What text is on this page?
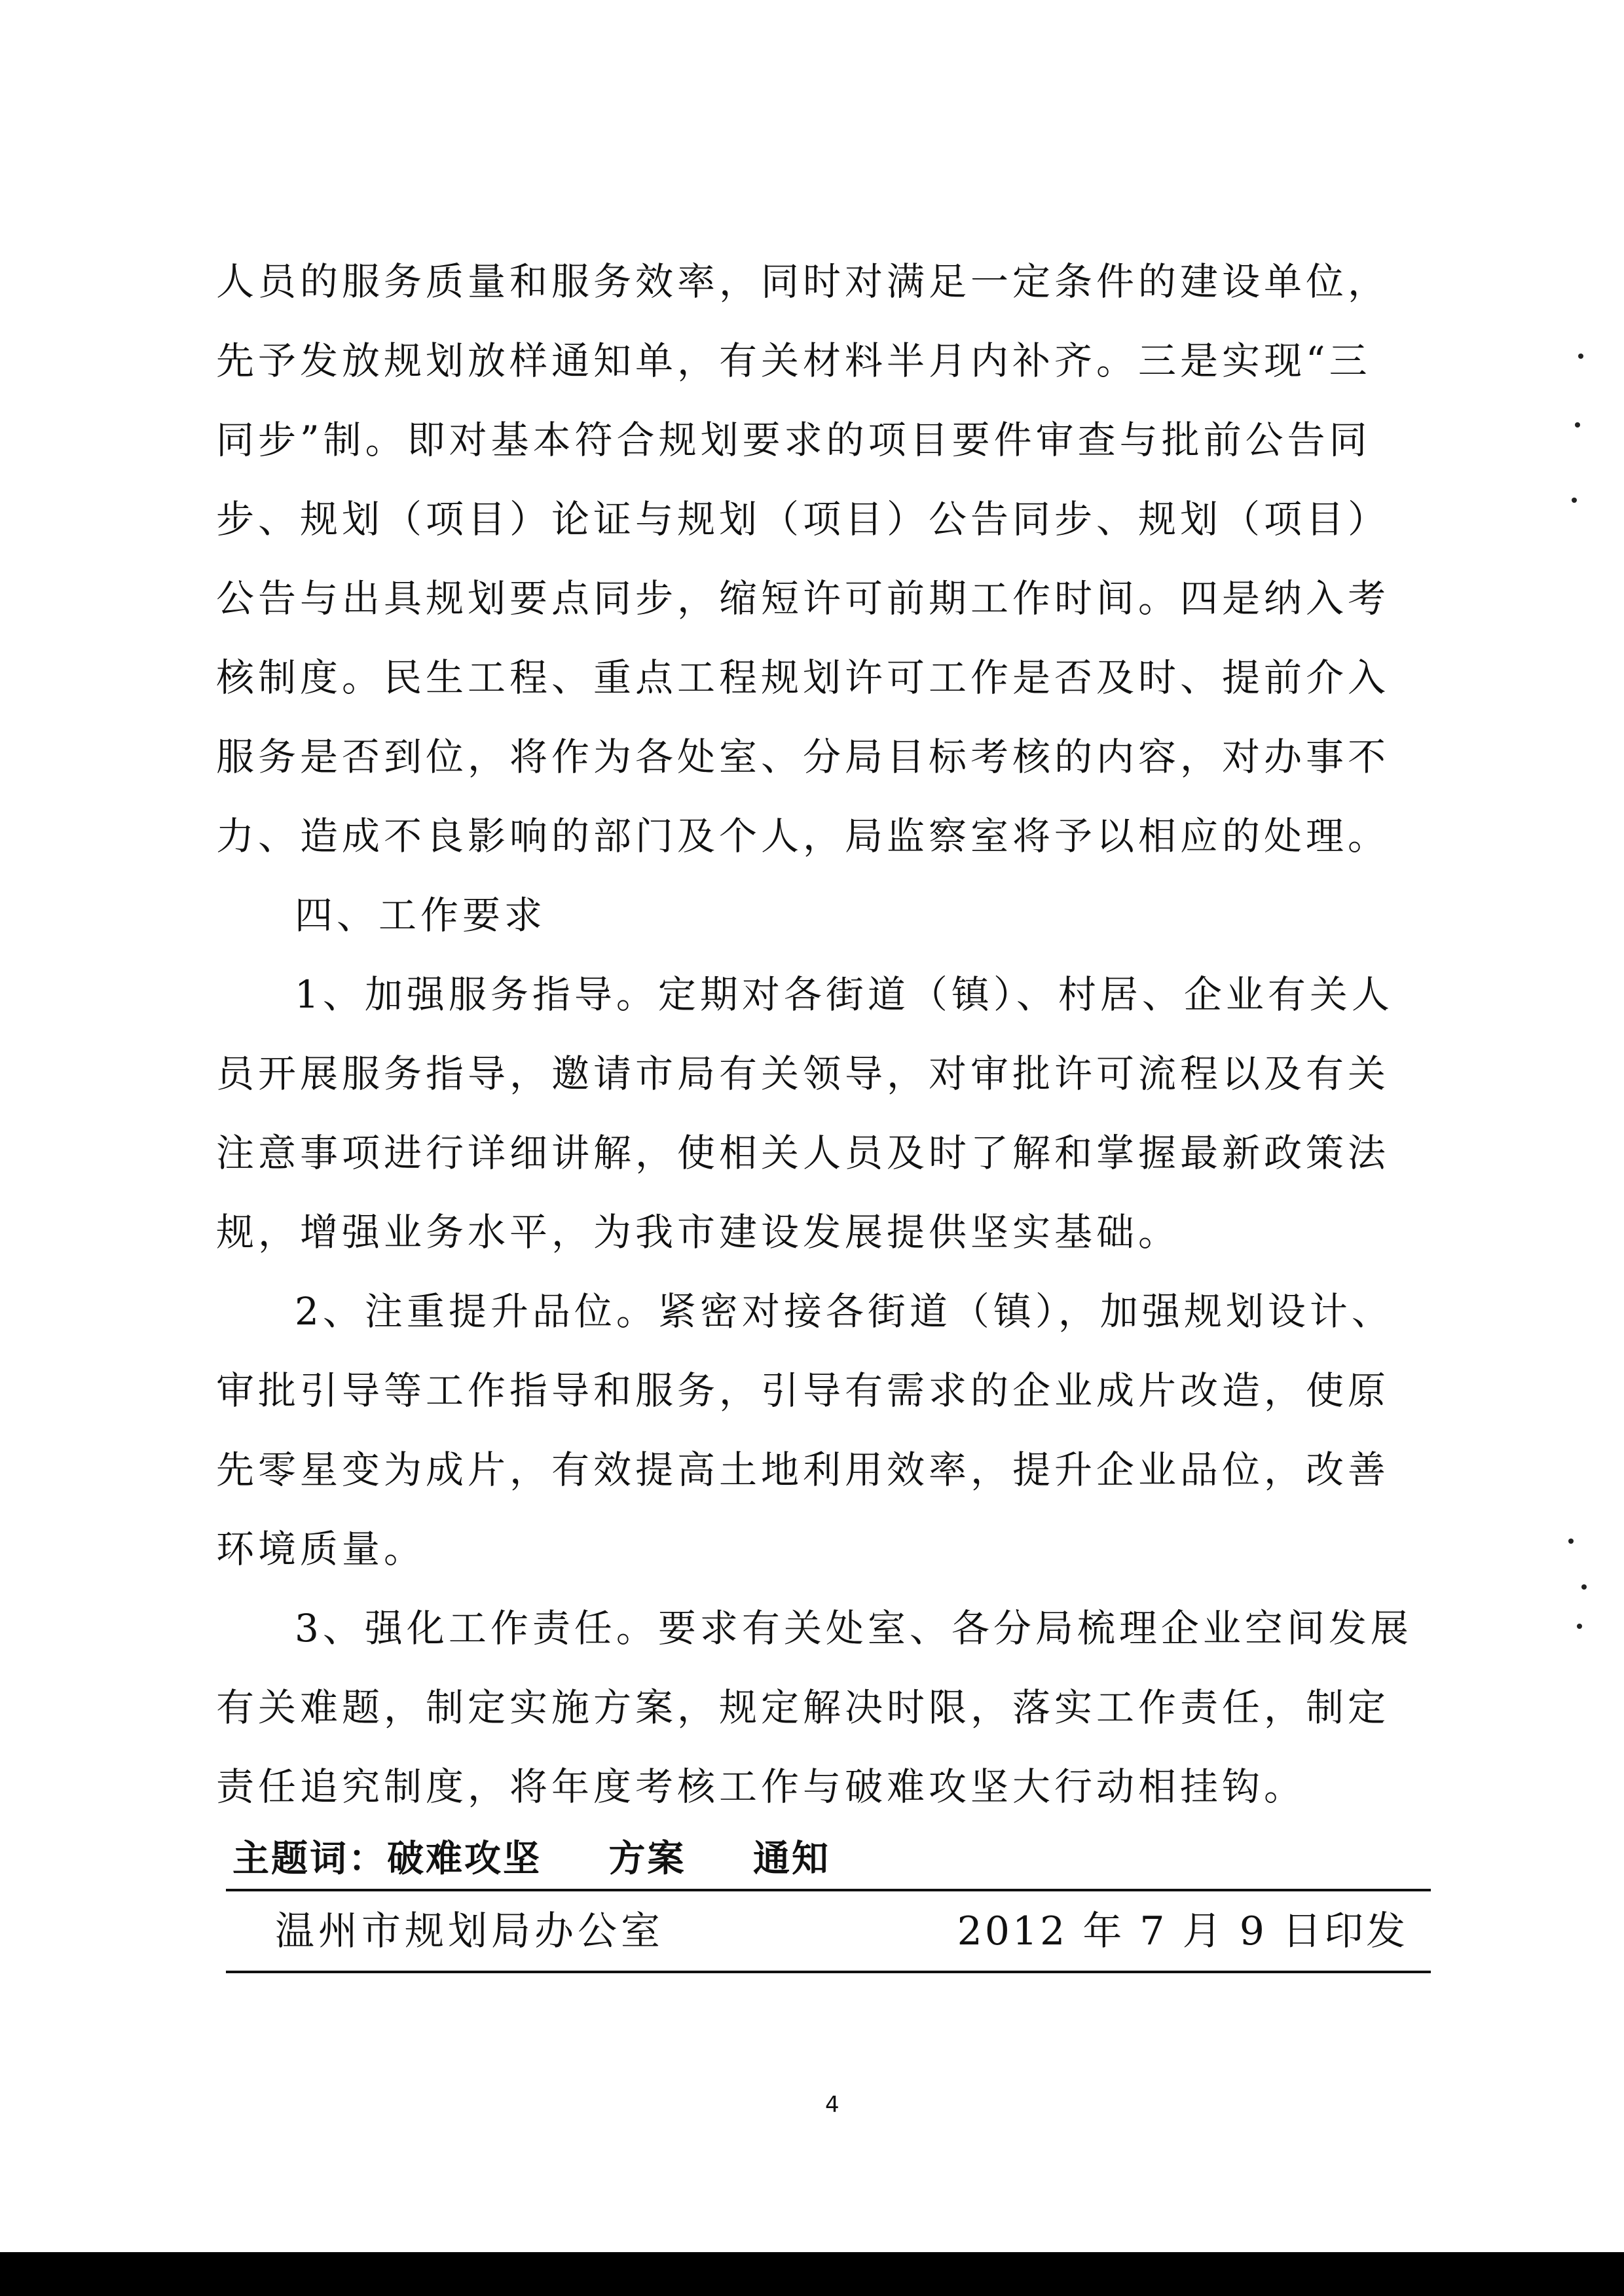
人员的服务质量和服务效率，同时对满足一定条件的建设单位，
先予发放规划放样通知单，有关材料半月内补齐。三是实现“三
同步”制。即对基本符合规划要求的项目要件审查与批前公告同
步、规划（项目）论证与规划（项目）公告同步、规划（项目）
公告与出具规划要点同步，缩短许可前期工作时间。四是纳入考
核制度。民生工程、重点工程规划许可工作是否及时、提前介入
服务是否到位，将作为各处室、分局目标考核的内容，对办事不
力、造成不良影响的部门及个人，局监察室将予以相应的处理。
四、工作要求
1、加强服务指导。定期对各街道（镇）、村居、企业有关人
员开展服务指导，邀请市局有关领导，对审批许可流程以及有关
注意事项进行详细讲解，使相关人员及时了解和掌握最新政策法
规，增强业务水平，为我市建设发展提供坚实基础。
2、注重提升品位。紧密对接各街道（镇），加强规划设计、
审批引导等工作指导和服务，引导有需求的企业成片改造，使原
先零星变为成片，有效提高土地利用效率，提升企业品位，改善
环境质量。
3、强化工作责任。要求有关处室、各分局梳理企业空间发展
有关难题，制定实施方案，规定解决时限，落实工作责任，制定
责任追究制度，将年度考核工作与破难攻坚大行动相挂钩。
主题词：破难攻坚 方案 通知
温州市规划局办公室	2012 年 7 月 9 日印发
4
